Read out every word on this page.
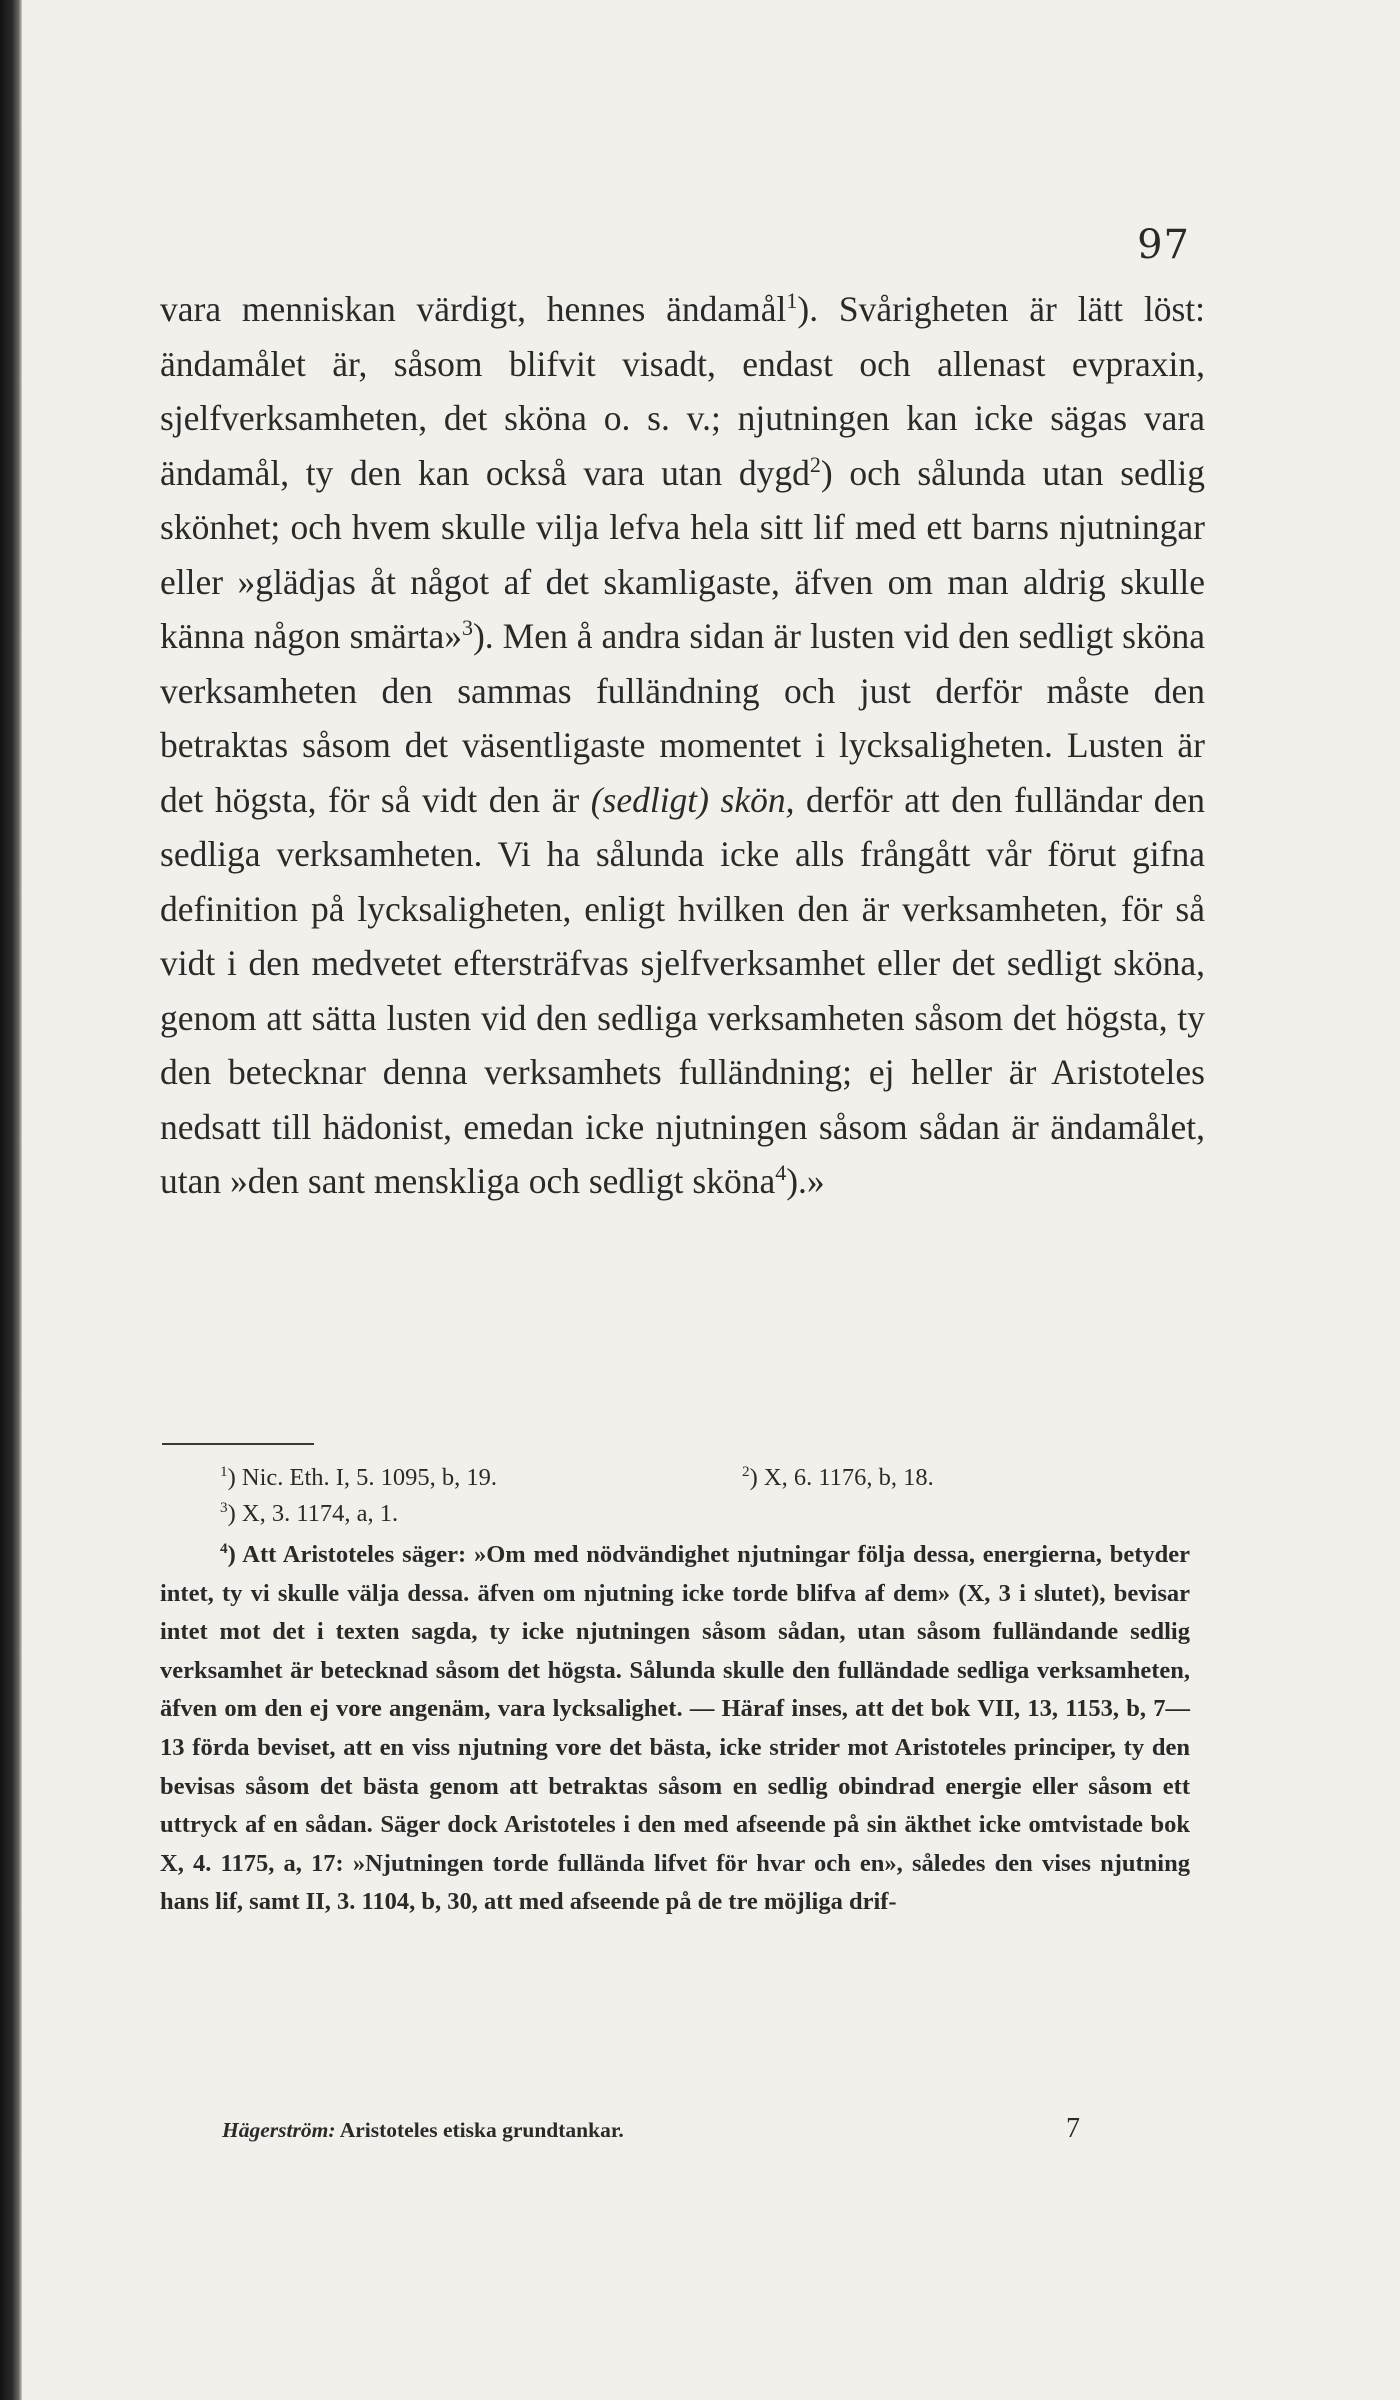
97

vara menniskan värdigt, hennes ändamål$^1$). Svårigheten är lätt löst: ändamålet är, såsom blifvit visadt, endast och allenast evpraxin, sjelfverksamheten, det sköna o. s. v.; njutningen kan icke sägas vara ändamål, ty den kan också vara utan dygd$^2$) och sålunda utan sedlig skönhet; och hvem skulle vilja lefva hela sitt lif med ett barns njutningar eller »glädjas åt något af det skamligaste, äfven om man aldrig skulle känna någon smärta»$^3$). Men å andra sidan är lusten vid den sedligt sköna verksamheten den sammas fulländning och just derför måste den betraktas såsom det väsentligaste momentet i lycksaligheten. Lusten är det högsta, för så vidt den är (sedligt) skön, derför att den fulländar den sedliga verksamheten. Vi ha sålunda icke alls frångått vår förut gifna definition på lycksaligheten, enligt hvilken den är verksamheten, för så vidt i den medvetet eftersträfvas sjelfverksamhet eller det sedligt sköna, genom att sätta lusten vid den sedliga verksamheten såsom det högsta, ty den betecknar denna verksamhets fulländning; ej heller är Aristoteles nedsatt till hädonist, emedan icke njutningen såsom sådan är ändamålet, utan »den sant menskliga och sedligt sköna$^4$).»

$^1$) Nic. Eth. I, 5. 1095, b, 19.	$^2$) X, 6. 1176, b, 18.
$^3$) X, 3. 1174, a, 1.
$^4$) Att Aristoteles säger: »Om med nödvändighet njutningar följa dessa, energierna, betyder intet, ty vi skulle välja dessa. äfven om njutning icke torde blifva af dem» (X, 3 i slutet), bevisar intet mot det i texten sagda, ty icke njutningen såsom sådan, utan såsom fulländande sedlig verksamhet är betecknad såsom det högsta. Sålunda skulle den fulländade sedliga verksamheten, äfven om den ej vore angenäm, vara lycksalighet. — Häraf inses, att det bok VII, 13, 1153, b, 7—13 förda beviset, att en viss njutning vore det bästa, icke strider mot Aristoteles principer, ty den bevisas såsom det bästa genom att betraktas såsom en sedlig obindrad energie eller såsom ett uttryck af en sådan. Säger dock Aristoteles i den med afseende på sin äkthet icke omtvistade bok X, 4. 1175, a, 17: »Njutningen torde fulländа lifvet för hvar och en», således den vises njutning hans lif, samt II, 3. 1104, b, 30, att med afseende på de tre möjliga drif-
Hägerström: Aristoteles etiska grundtankar.	7
